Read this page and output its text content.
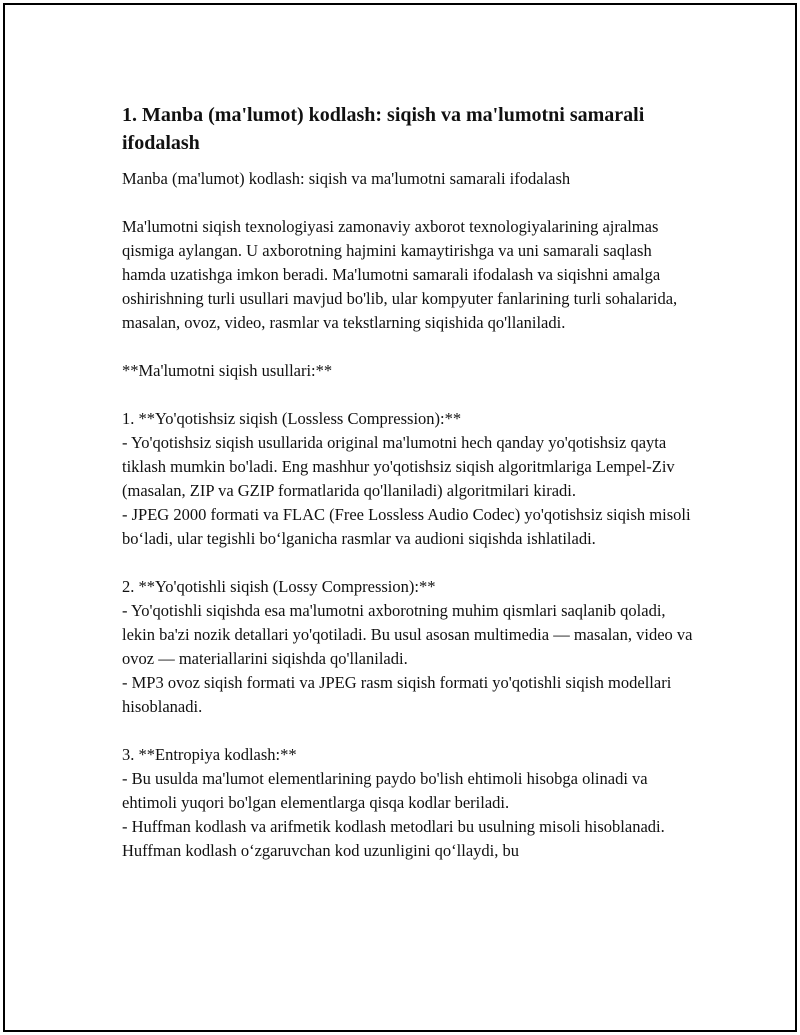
1. Manba (ma'lumot) kodlash: siqish va ma'lumotni samarali ifodalash

Manba (ma'lumot) kodlash: siqish va ma'lumotni samarali ifodalash

Ma'lumotni siqish texnologiyasi zamonaviy axborot texnologiyalarining ajralmas qismiga aylangan. U axborotning hajmini kamaytirishga va uni samarali saqlash hamda uzatishga imkon beradi. Ma'lumotni samarali ifodalash va siqishni amalga oshirishning turli usullari mavjud bo'lib, ular kompyuter fanlarining turli sohalarida, masalan, ovoz, video, rasmlar va tekstlarning siqishida qo'llaniladi.

**Ma'lumotni siqish usullari:**

1. **Yo'qotishsiz siqish (Lossless Compression):**

- Yo'qotishsiz siqish usullarida original ma'lumotni hech qanday yo'qotishsiz qayta tiklash mumkin bo'ladi. Eng mashhur yo'qotishsiz siqish algoritmlariga Lempel-Ziv (masalan, ZIP va GZIP formatlarida qo'llaniladi) algoritmilari kiradi.

- JPEG 2000 formati va FLAC (Free Lossless Audio Codec) yo'qotishsiz siqish misoli bo‘ladi, ular tegishli bo‘lganicha rasmlar va audioni siqishda ishlatiladi.

2. **Yo'qotishli siqish (Lossy Compression):**

- Yo'qotishli siqishda esa ma'lumotni axborotning muhim qismlari saqlanib qoladi, lekin ba'zi nozik detallari yo'qotiladi. Bu usul asosan multimedia — masalan, video va ovoz — materiallarini siqishda qo'llaniladi.

- MP3 ovoz siqish formati va JPEG rasm siqish formati yo'qotishli siqish modellari hisoblanadi.

3. **Entropiya kodlash:**

- Bu usulda ma'lumot elementlarining paydo bo'lish ehtimoli hisobga olinadi va ehtimoli yuqori bo'lgan elementlarga qisqa kodlar beriladi.

- Huffman kodlash va arifmetik kodlash metodlari bu usulning misoli hisoblanadi. Huffman kodlash o‘zgaruvchan kod uzunligini qo‘llaydi, bu
